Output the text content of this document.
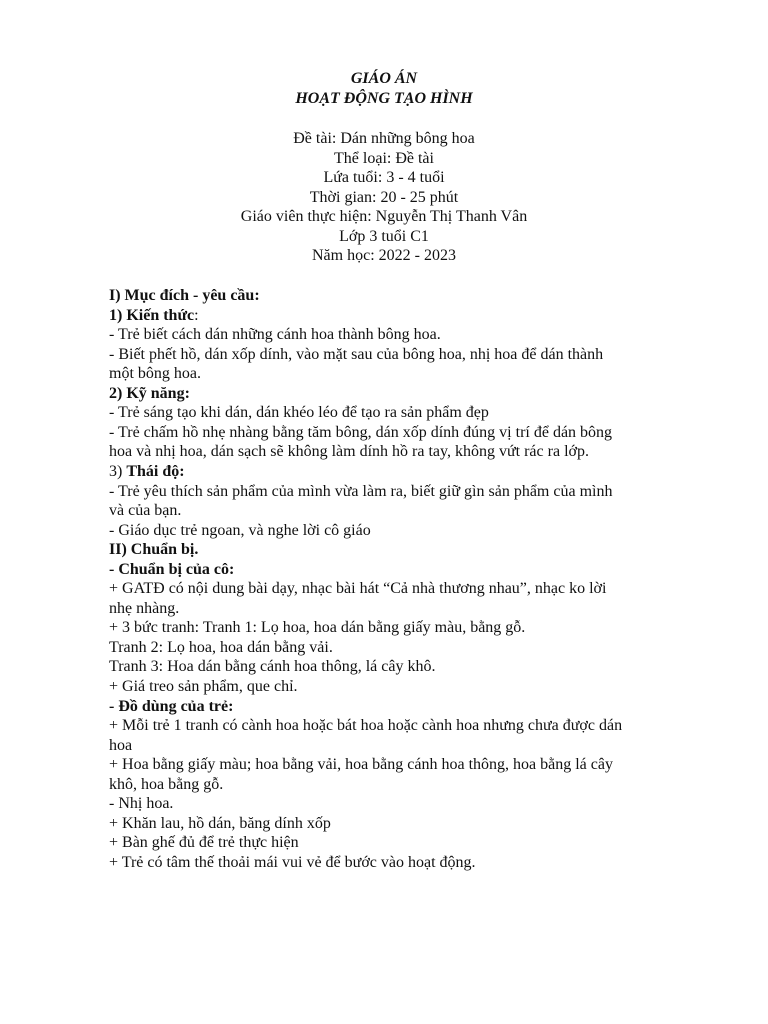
GIÁO ÁN
HOẠT ĐỘNG TẠO HÌNH
Đề tài: Dán những bông hoa
Thể loại: Đề tài
Lứa tuổi: 3 - 4 tuổi
Thời gian: 20 - 25 phút
Giáo viên thực hiện: Nguyễn Thị Thanh Vân
Lớp 3 tuổi C1
Năm học: 2022 - 2023
I) Mục đích - yêu cầu:
1) Kiến thức:
- Trẻ biết cách dán những cánh hoa thành bông hoa.
- Biết phết hồ, dán xốp dính, vào mặt sau của bông hoa, nhị hoa để dán thành
một bông hoa.
2) Kỹ năng:
- Trẻ sáng tạo khi dán, dán khéo léo để tạo ra sản phẩm đẹp
- Trẻ chấm hồ nhẹ nhàng bằng tăm bông, dán xốp dính đúng vị trí để dán bông
hoa và nhị hoa, dán sạch sẽ không làm dính hồ ra tay, không vứt rác ra lớp.
3) Thái độ:
- Trẻ yêu thích sản phẩm của mình vừa làm ra, biết giữ gìn sản phẩm của mình
và của bạn.
- Giáo dục trẻ ngoan, và nghe lời cô giáo
II) Chuẩn bị.
- Chuẩn bị của cô:
+ GATĐ có nội dung bài dạy, nhạc bài hát “Cả nhà thương nhau”, nhạc ko lời
nhẹ nhàng.
+ 3 bức tranh: Tranh 1: Lọ hoa, hoa dán bằng giấy màu, bằng gỗ.
Tranh 2: Lọ hoa, hoa dán bằng vải.
Tranh 3: Hoa dán bằng cánh hoa thông, lá cây khô.
+ Giá treo sản phẩm, que chỉ.
- Đồ dùng của trẻ:
+ Mỗi trẻ 1 tranh có cành hoa hoặc bát hoa hoặc cành hoa nhưng chưa được dán
hoa
+ Hoa bằng giấy màu; hoa bằng vải, hoa bằng cánh hoa thông, hoa bằng lá cây
khô, hoa bằng gỗ.
- Nhị hoa.
+ Khăn lau, hồ dán, băng dính xốp
+ Bàn ghế đủ để trẻ thực hiện
+ Trẻ có tâm thế thoải mái vui vẻ để bước vào hoạt động.
